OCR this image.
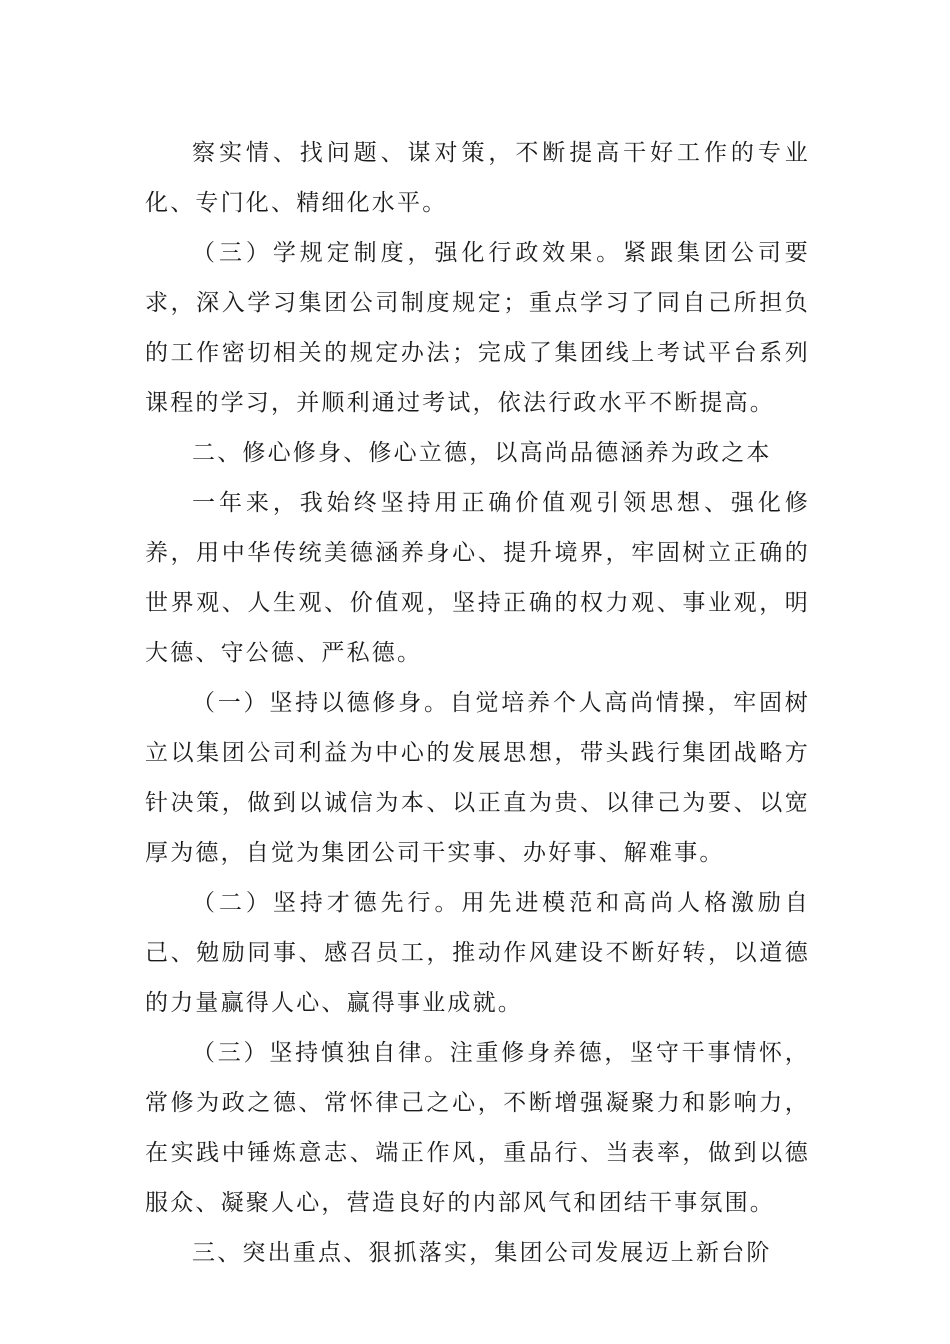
察实情、找问题、谋对策，不断提高干好工作的专业化、专门化、精细化水平。

（三）学规定制度，强化行政效果。紧跟集团公司要求，深入学习集团公司制度规定；重点学习了同自己所担负的工作密切相关的规定办法；完成了集团线上考试平台系列课程的学习，并顺利通过考试，依法行政水平不断提高。

二、修心修身、修心立德，以高尚品德涵养为政之本

一年来，我始终坚持用正确价值观引领思想、强化修养，用中华传统美德涵养身心、提升境界，牢固树立正确的世界观、人生观、价值观，坚持正确的权力观、事业观，明大德、守公德、严私德。

（一）坚持以德修身。自觉培养个人高尚情操，牢固树立以集团公司利益为中心的发展思想，带头践行集团战略方针决策，做到以诚信为本、以正直为贵、以律己为要、以宽厚为德，自觉为集团公司干实事、办好事、解难事。

（二）坚持才德先行。用先进模范和高尚人格激励自己、勉励同事、感召员工，推动作风建设不断好转，以道德的力量赢得人心、赢得事业成就。

（三）坚持慎独自律。注重修身养德，坚守干事情怀，常修为政之德、常怀律己之心，不断增强凝聚力和影响力，在实践中锤炼意志、端正作风，重品行、当表率，做到以德服众、凝聚人心，营造良好的内部风气和团结干事氛围。

三、突出重点、狠抓落实，集团公司发展迈上新台阶
